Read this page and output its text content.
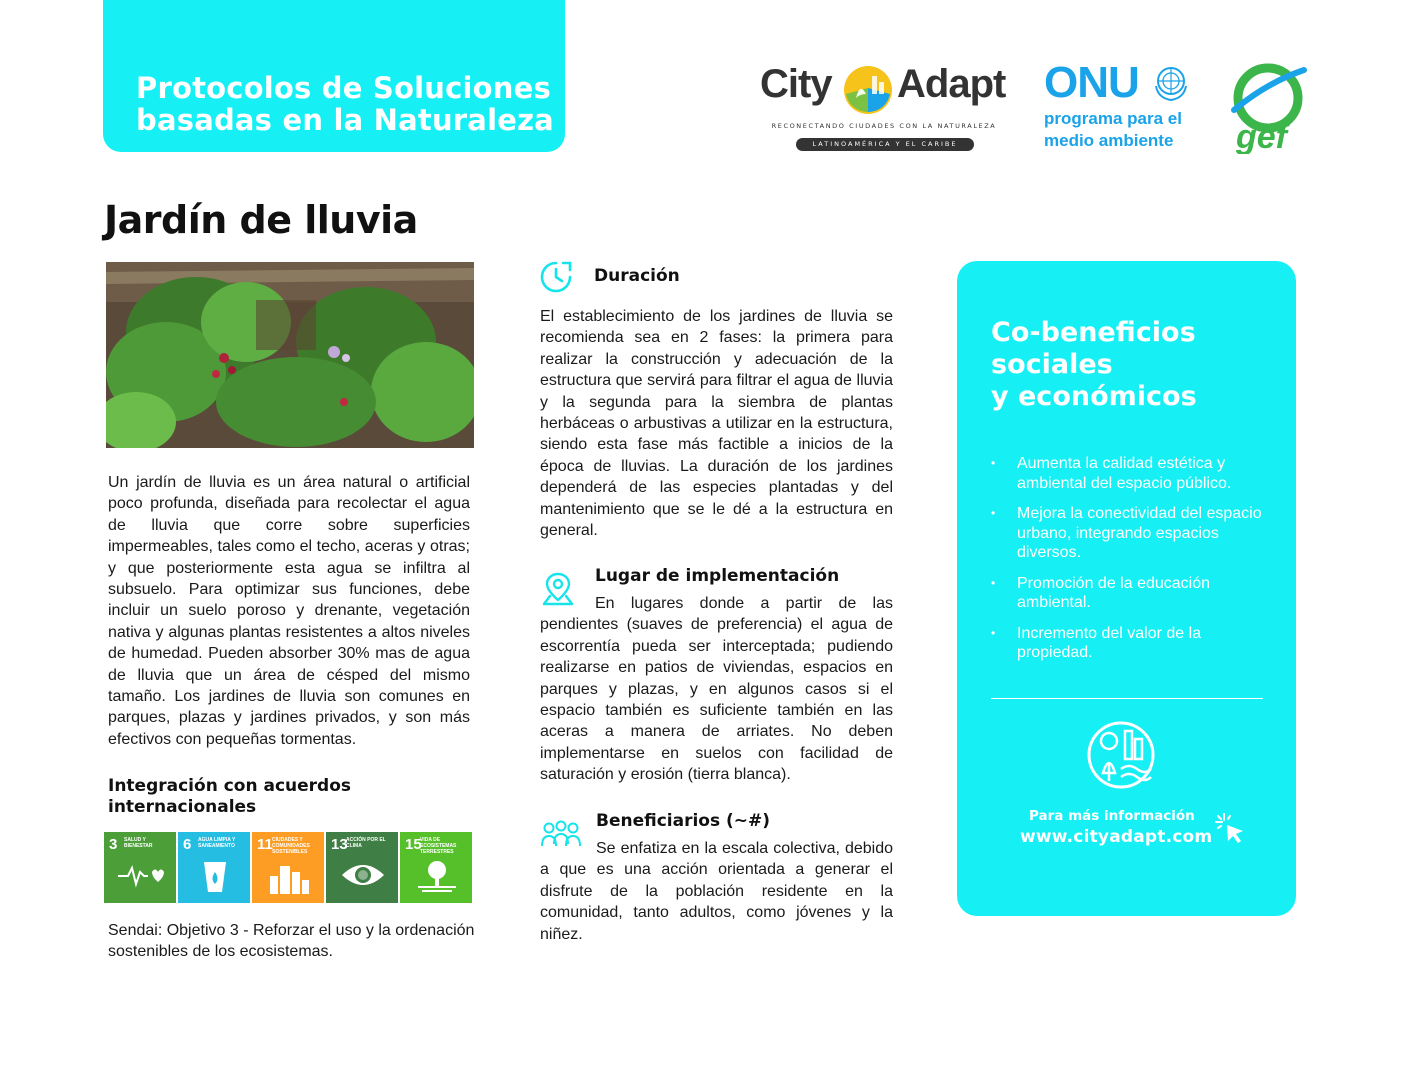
Protocolos de Soluciones
basadas en la Naturaleza
City Adapt
RECONECTANDO CIUDADES CON LA NATURALEZA
LATINOAMÉRICA Y EL CARIBE
ONU
programa para el
medio ambiente gef
Jardín de lluvia

Un jardín de lluvia es un área natural o artificial poco profunda, diseñada para recolectar el agua de lluvia que corre sobre superficies impermeables, tales como el techo, aceras y otras; y que posteriormente esta agua se infiltra al subsuelo. Para optimizar sus funciones, debe incluir un suelo poroso y drenante, vegetación nativa y algunas plantas resistentes a altos niveles de humedad. Pueden absorber 30% mas de agua de lluvia que un área de césped del mismo tamaño. Los jardines de lluvia son comunes en parques, plazas y jardines privados, y son más efectivos con pequeñas tormentas.

Integración con acuerdos
internacionales
3 SALUD Y BIENESTAR	6 AGUA LIMPIA Y SANEAMIENTO	11 CIUDADES Y COMUNIDADES SOSTENIBLES	13
ACCIÓN POR EL CLIMA	15
VIDA DE ECOSISTEMAS TERRESTRES

Sendai: Objetivo 3 - Reforzar el uso y la ordenación sostenibles de los ecosistemas.

Duración

El establecimiento de los jardines de lluvia se recomienda sea en 2 fases: la primera para realizar la construcción y adecuación de la estructura que servirá para filtrar el agua de lluvia y la segunda para la siembra de plantas herbáceas o arbustivas a utilizar en la estructura, siendo esta fase más factible a inicios de la época de lluvias. La duración de los jardines dependerá de las especies plantadas y del mantenimiento que se le dé a la estructura en general.

Lugar de implementación

En lugares donde a partir de las pendientes (suaves de preferencia) el agua de escorrentía pueda ser interceptada; pudiendo realizarse en patios de viviendas, espacios en parques y plazas, y en algunos casos si el espacio también es suficiente también en las aceras a manera de arriates. No deben implementarse en suelos con facilidad de saturación y erosión (tierra blanca).

Beneficiarios (~#)

Se enfatiza en la escala colectiva, debido a que es una acción orientada a generar el disfrute de la población residente en la comunidad, tanto adultos, como jóvenes y la niñez.

Co-beneficios
sociales
y económicos
• Aumenta la calidad estética y ambiental del espacio público.
• Mejora la conectividad del espacio urbano, integrando espacios diversos.
• Promoción de la educación ambiental.
• Incremento del valor de la propiedad.
Para más información
www.cityadapt.com
